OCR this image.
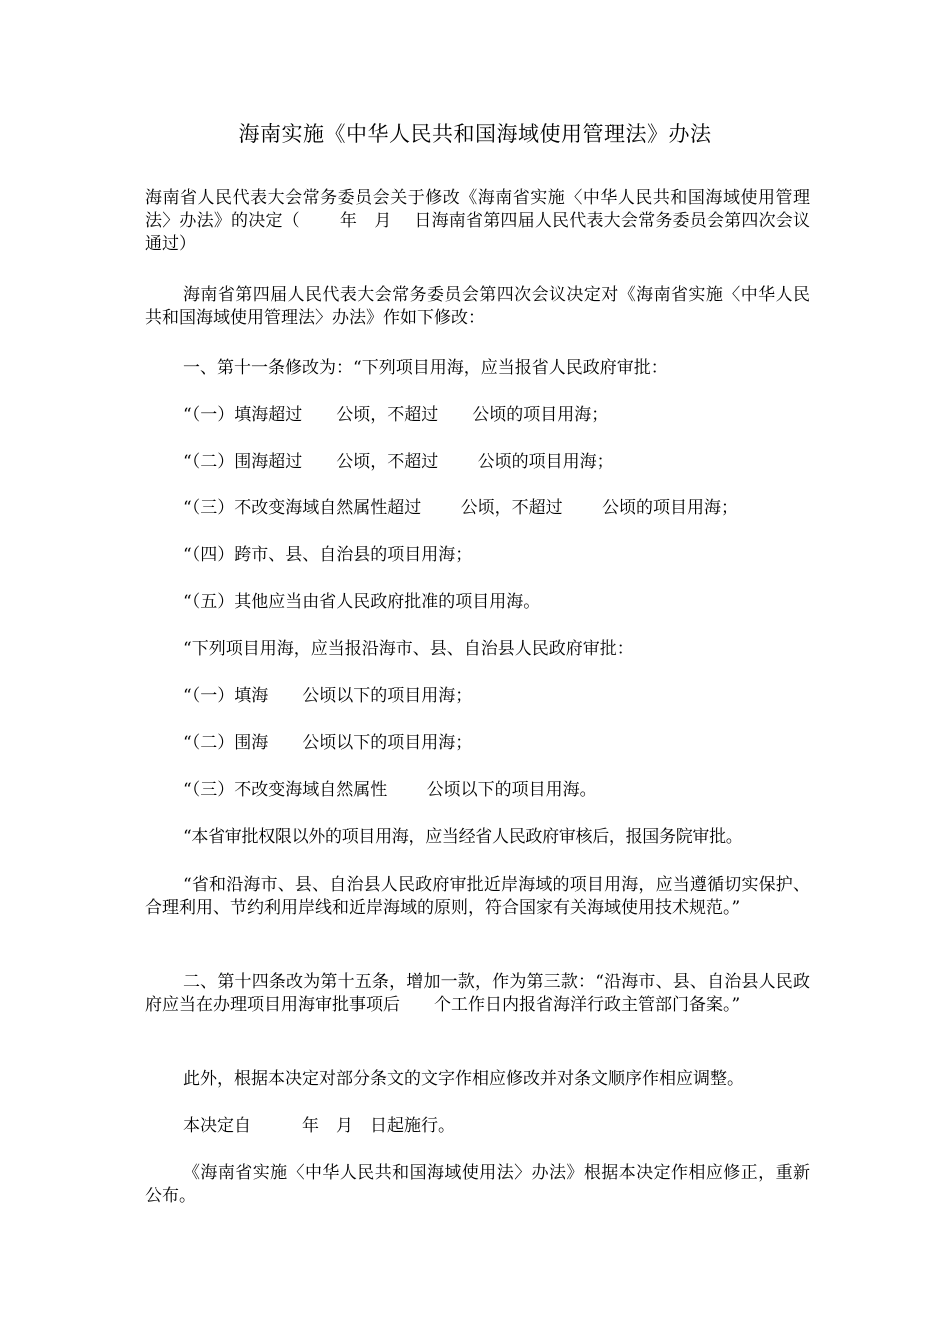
海南实施《中华人民共和国海域使用管理法》办法

海南省人民代表大会常务委员会关于修改《海南省实施〈中华人民共和国海域使用管理法〉办法》的决定（　　 年　月　 日海南省第四届人民代表大会常务委员会第四次会议通过）

海南省第四届人民代表大会常务委员会第四次会议决定对《海南省实施〈中华人民共和国海域使用管理法〉办法》作如下修改：

一、第十一条修改为：“下列项目用海，应当报省人民政府审批：

“（一）填海超过　　公顷，不超过　　公顷的项目用海；

“（二）围海超过　　公顷，不超过　　 公顷的项目用海；

“（三）不改变海域自然属性超过　　 公顷，不超过　　 公顷的项目用海；

“（四）跨市、县、自治县的项目用海；

“（五）其他应当由省人民政府批准的项目用海。

“下列项目用海，应当报沿海市、县、自治县人民政府审批：

“（一）填海　　公顷以下的项目用海；

“（二）围海　　公顷以下的项目用海；

“（三）不改变海域自然属性　　 公顷以下的项目用海。

“本省审批权限以外的项目用海，应当经省人民政府审核后，报国务院审批。

“省和沿海市、县、自治县人民政府审批近岸海域的项目用海，应当遵循切实保护、合理利用、节约利用岸线和近岸海域的原则，符合国家有关海域使用技术规范。”

二、第十四条改为第十五条，增加一款，作为第三款：“沿海市、县、自治县人民政府应当在办理项目用海审批事项后　　个工作日内报省海洋行政主管部门备案。”

此外，根据本决定对部分条文的文字作相应修改并对条文顺序作相应调整。

本决定自　　　年　月　日起施行。

《海南省实施〈中华人民共和国海域使用法〉办法》根据本决定作相应修正，重新公布。
